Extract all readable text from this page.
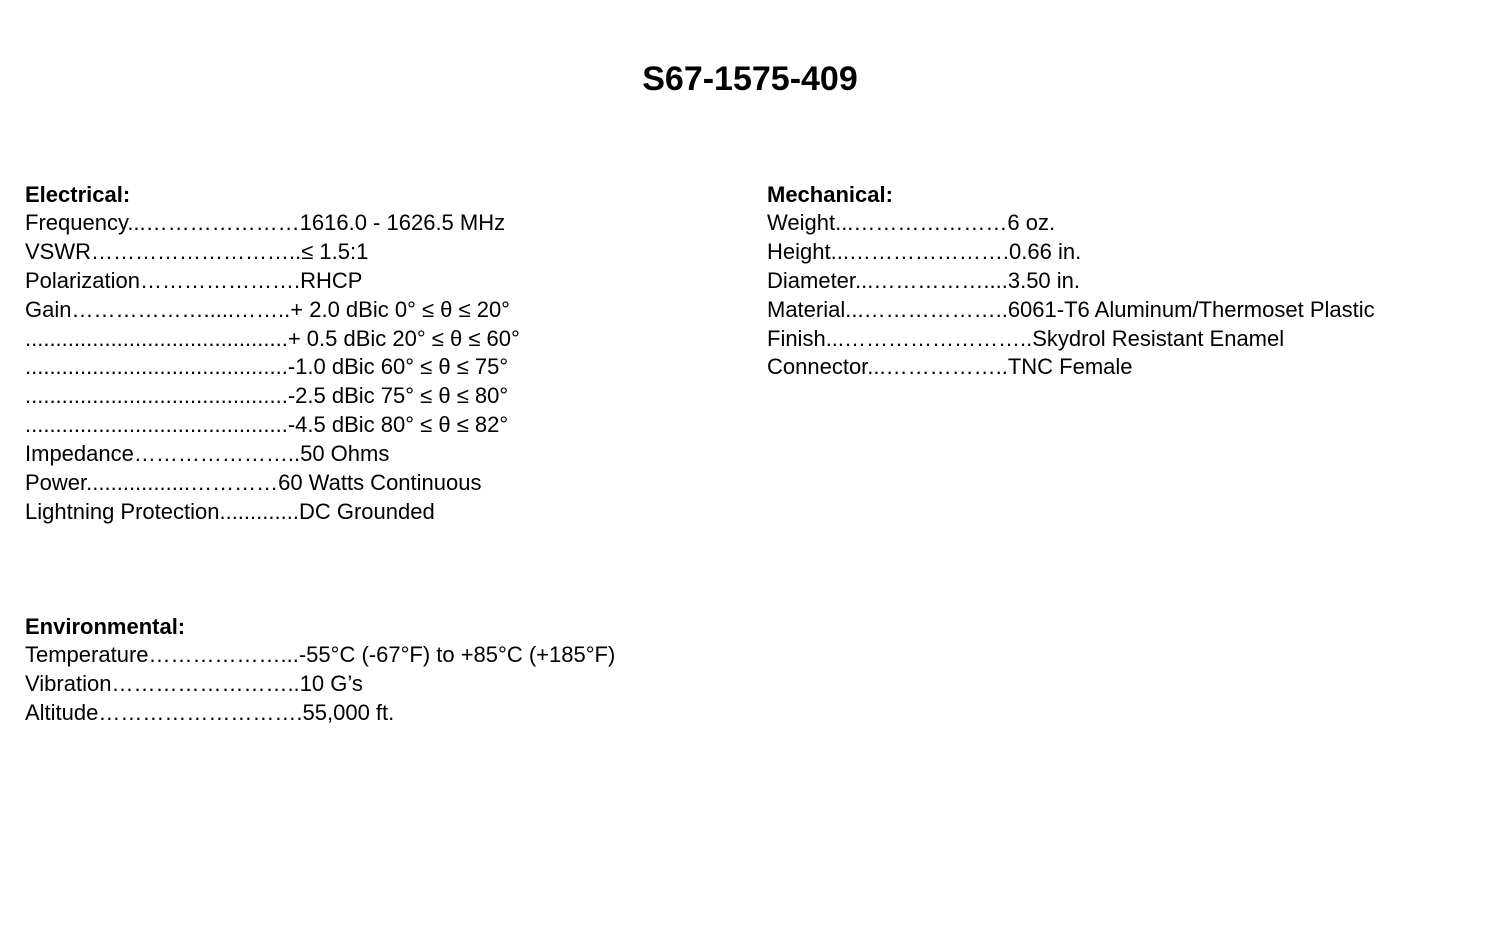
S67-1575-409
Electrical:
Frequency...…………………1616.0 - 1626.5 MHz
VSWR………………………..≤ 1.5:1
Polarization………………….RHCP
Gain……………….....……..+ 2.0 dBic 0° ≤ θ ≤ 20°
...........................................+ 0.5 dBic 20° ≤ θ ≤ 60°
...........................................-1.0 dBic 60° ≤ θ ≤ 75°
...........................................-2.5 dBic 75° ≤ θ ≤ 80°
...........................................-4.5 dBic 80° ≤ θ ≤ 82°
Impedance…………………..50 Ohms
Power.................…………60 Watts Continuous
Lightning Protection.............DC Grounded
Mechanical:
Weight...…………………6 oz.
Height...………………….0.66 in.
Diameter...……………....3.50 in.
Material...………………..6061-T6 Aluminum/Thermoset Plastic
Finish...……………………..Skydrol Resistant Enamel
Connector...……………..TNC Female
Environmental:
Temperature………………...-55°C (-67°F) to +85°C (+185°F)
Vibration……………………..10 G’s
Altitude……………………….55,000 ft.
